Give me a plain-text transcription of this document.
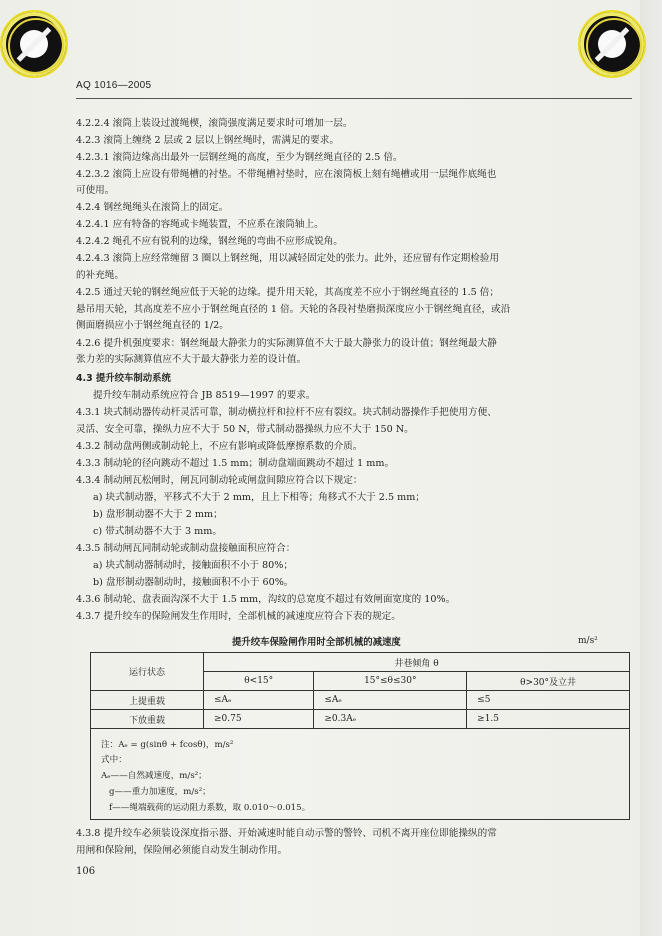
AQ 1016—2005
4.2.2.4 滚筒上装设过渡绳楔，滚筒强度满足要求时可增加一层。
4.2.3 滚筒上缠绕 2 层或 2 层以上钢丝绳时，需满足的要求。
4.2.3.1 滚筒边缘高出最外一层钢丝绳的高度，至少为钢丝绳直径的 2.5 倍。
4.2.3.2 滚筒上应设有带绳槽的衬垫。不带绳槽衬垫时，应在滚筒板上刻有绳槽或用一层绳作底绳也
可使用。
4.2.4 钢丝绳绳头在滚筒上的固定。
4.2.4.1 应有特备的容绳或卡绳装置，不应系在滚筒轴上。
4.2.4.2 绳孔不应有锐利的边缘，钢丝绳的弯曲不应形成锐角。
4.2.4.3 滚筒上应经常缠留 3 圈以上钢丝绳，用以减轻固定处的张力。此外，还应留有作定期检验用
的补充绳。
4.2.5 通过天轮的钢丝绳应低于天轮的边缘。提升用天轮，其高度差不应小于钢丝绳直径的 1.5 倍；
悬吊用天轮，其高度差不应小于钢丝绳直径的 1 倍。天轮的各段衬垫磨损深度应小于钢丝绳直径，或沿
侧面磨损应小于钢丝绳直径的 1/2。
4.2.6 提升机强度要求：钢丝绳最大静张力的实际测算值不大于最大静张力的设计值；钢丝绳最大静
张力差的实际测算值应不大于最大静张力差的设计值。
4.3 提升绞车制动系统
提升绞车制动系统应符合 JB 8519—1997 的要求。
4.3.1 块式制动器传动杆灵活可靠，制动横拉杆和拉杆不应有裂纹。块式制动器操作手把使用方便、
灵活、安全可靠，操纵力应不大于 50 N，带式制动器操纵力应不大于 150 N。
4.3.2 制动盘两侧或制动轮上，不应有影响或降低摩擦系数的介质。
4.3.3 制动轮的径向跳动不超过 1.5 mm；制动盘端面跳动不超过 1 mm。
4.3.4 制动闸瓦松闸时，闸瓦同制动轮或闸盘间隙应符合以下规定：
a) 块式制动器，平移式不大于 2 mm，且上下相等；角移式不大于 2.5 mm；
b) 盘形制动器不大于 2 mm；
c) 带式制动器不大于 3 mm。
4.3.5 制动闸瓦同制动轮或制动盘接触面积应符合：
a) 块式制动器制动时，接触面积不小于 80%；
b) 盘形制动器制动时，接触面积不小于 60%。
4.3.6 制动轮、盘表面沟深不大于 1.5 mm，沟纹的总宽度不超过有效闸面宽度的 10%。
4.3.7 提升绞车的保险闸发生作用时，全部机械的减速度应符合下表的规定。
提升绞车保险闸作用时全部机械的减速度	m/s²
运行状态	井巷倾角 θ		
	θ<15°	15°≤θ≤30°	θ>30°及立井
上提重载	≤Aₑ	≤Aₑ	≤5
下放重载	≥0.75	≥0.3Aₑ	≥1.5
注：Aₑ = g(sinθ + fcosθ)，m/s²
式中：
Aₑ——自然减速度，m/s²；
g——重力加速度，m/s²；
f——绳端载荷的运动阻力系数，取 0.010～0.015。
4.3.8 提升绞车必须装设深度指示器、开始减速时能自动示警的警铃、司机不离开座位即能操纵的常
用闸和保险闸，保险闸必须能自动发生制动作用。
106
